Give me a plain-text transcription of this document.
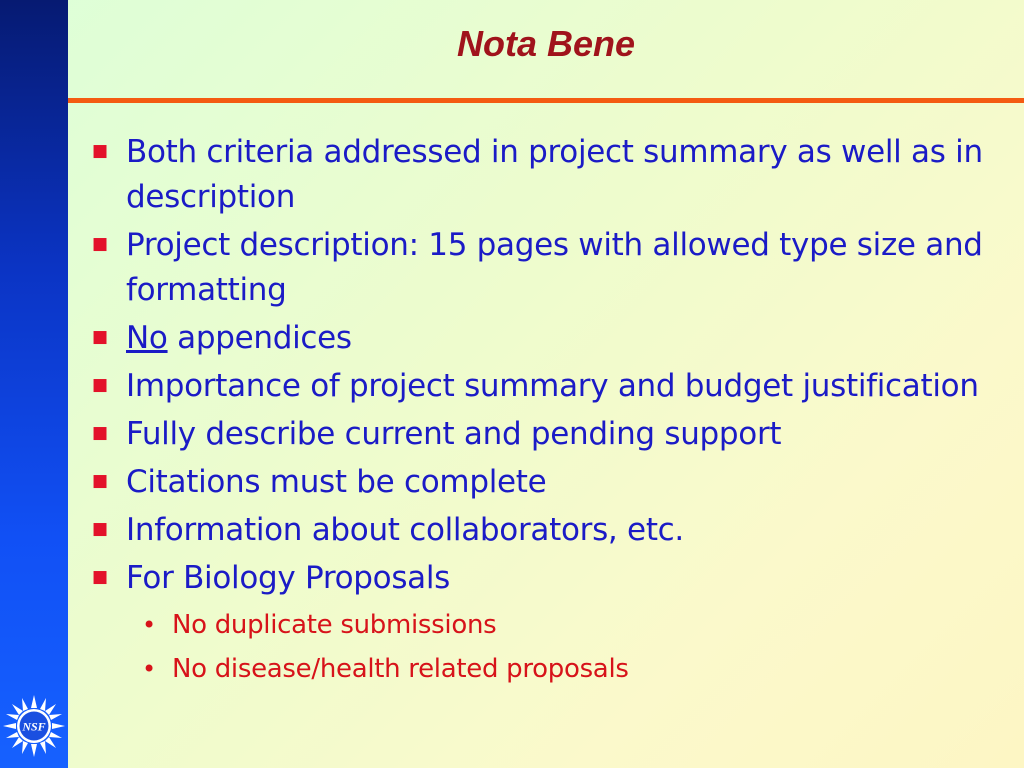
NSF
Nota Bene
■ Both criteria addressed in project summary as well as in description
■ Project description: 15 pages with allowed type size and formatting
■ No appendices
■ Importance of project summary and budget justification
■ Fully describe current and pending support
■ Citations must be complete
■ Information about collaborators, etc.
■ For Biology Proposals
• No duplicate submissions
• No disease/health related proposals
